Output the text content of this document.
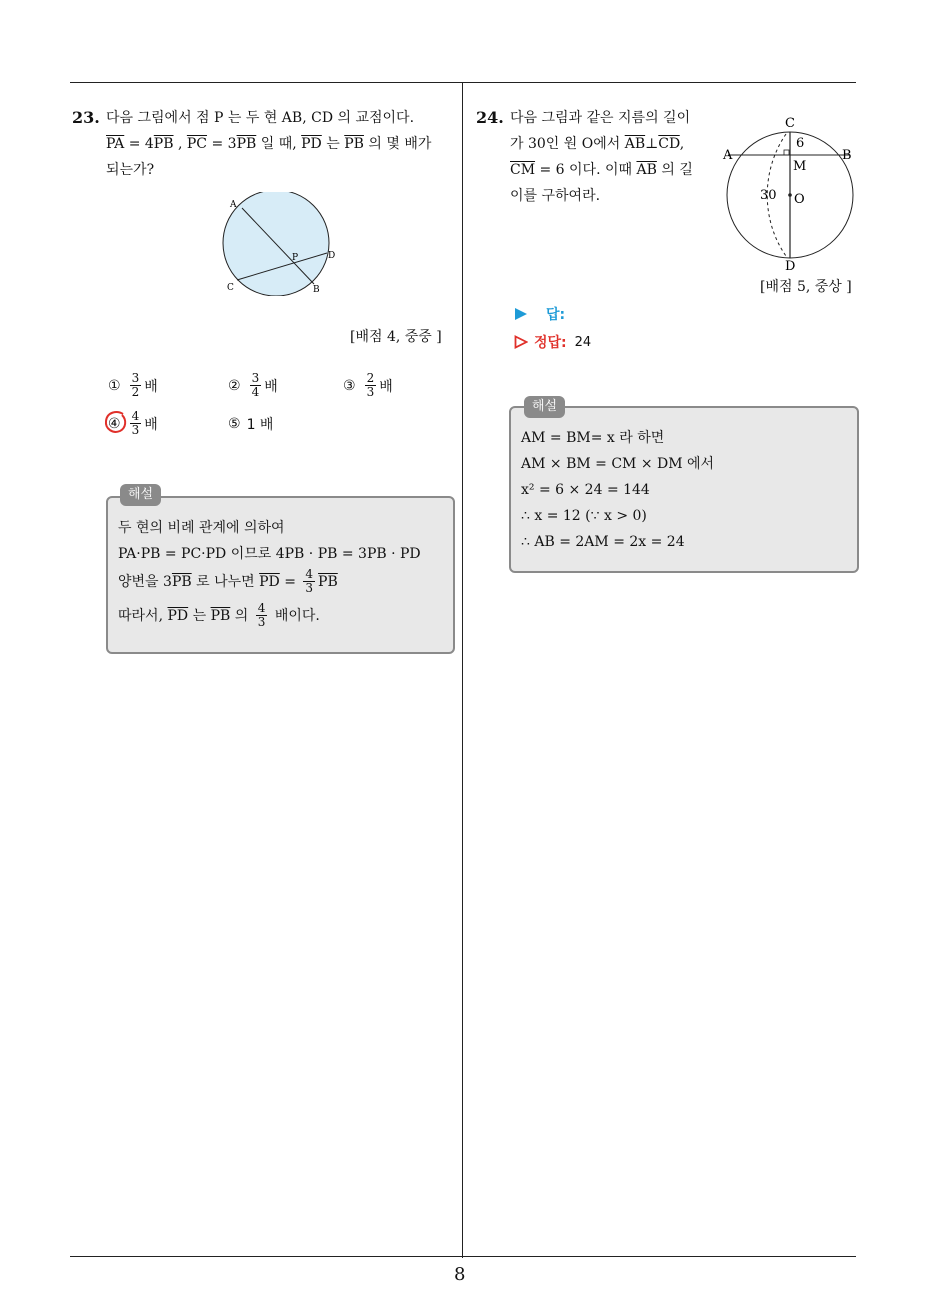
8
23. 다음 그림에서 점 P 는 두 현 AB, CD 의 교점이다.
$\overline{PA} = 4\overline{PB}$ , $\overline{PC} = 3\overline{PB}$ 일 때, $\overline{PD}$ 는 $\overline{PB}$ 의 몇 배가
되는가?
A
B
C
D
P
[배점 4, 중중 ]
① $\frac{3}{2}$ 배	② $\frac{3}{4}$ 배	③ $\frac{2}{3}$ 배
④ $\frac{4}{3}$ 배	⑤ 1 배
해설
두 현의 비례 관계에 의하여
PA·PB = PC·PD 이므로 4PB · PB = 3PB · PD
양변을 3 $\overline{PB}$ 로 나누면 $\overline{PD} = \frac{4}{3} \overline{PB}$
따라서, $\overline{PD}$ 는 $\overline{PB}$ 의 $\frac{4}{3}$ 배이다.
24. 다음 그림과 같은 지름의 길이
가 30인 원 O에서 $\overline{AB}\perp\overline{CD}$,
$\overline{CM} = 6$ 이다. 이때 $\overline{AB}$ 의 길
이를 구하여라.
C
A	B
6
M
O
30
D
[배점 5, 중상 ]
답:
정답: 24
해설
AM = BM= x 라 하면
AM × BM = CM × DM 에서
x² = 6 × 24 = 144
∴ x = 12 (∵ x > 0)
∴ AB = 2AM = 2x = 24
